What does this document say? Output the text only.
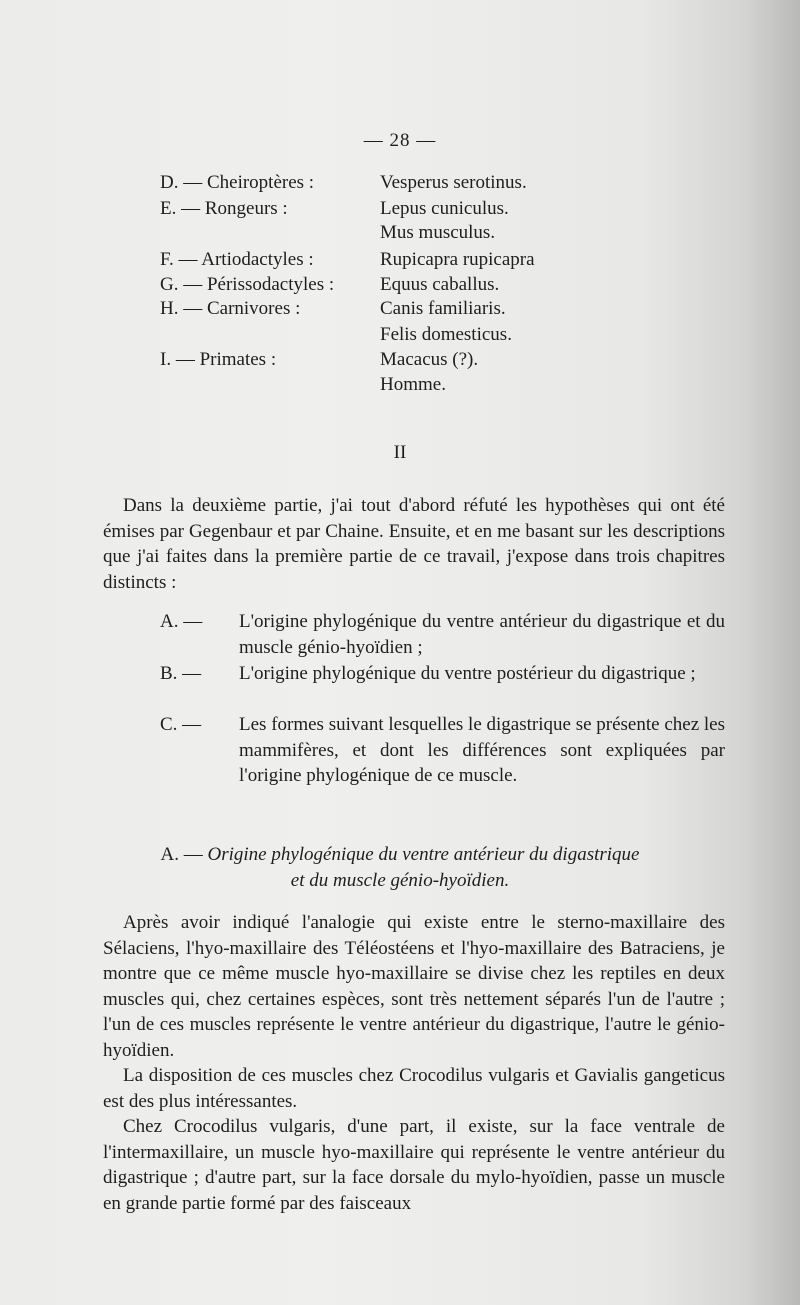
— 28 —
D. — Cheiroptères :	Vesperus serotinus.
E. — Rongeurs :	Lepus cuniculus.
Mus musculus.
F. — Artiodactyles :	Rupicapra rupicapra
G. — Périssodactyles : Equus caballus.
H. — Carnivores :	Canis familiaris.
Felis domesticus.
I. — Primates :	Macacus (?).
Homme.
II

Dans la deuxième partie, j'ai tout d'abord réfuté les hypothèses qui ont été émises par Gegenbaur et par Chaine. Ensuite, et en me basant sur les descriptions que j'ai faites dans la première partie de ce travail, j'expose dans trois chapitres distincts :

A. — L'origine phylogénique du ventre antérieur du digastrique et du muscle génio-hyoïdien ;
B. — L'origine phylogénique du ventre postérieur du digastrique ;
C. — Les formes suivant lesquelles le digastrique se présente chez les mammifères, et dont les différences sont expliquées par l'origine phylogénique de ce muscle.
A. — Origine phylogénique du ventre antérieur du digastrique
et du muscle génio-hyoïdien.

Après avoir indiqué l'analogie qui existe entre le sterno-maxillaire des Sélaciens, l'hyo-maxillaire des Téléostéens et l'hyo-maxillaire des Batraciens, je montre que ce même muscle hyo-maxillaire se divise chez les reptiles en deux muscles qui, chez certaines espèces, sont très nettement séparés l'un de l'autre ; l'un de ces muscles représente le ventre antérieur du digastrique, l'autre le génio-hyoïdien.

La disposition de ces muscles chez Crocodilus vulgaris et Gavialis gangeticus est des plus intéressantes.

Chez Crocodilus vulgaris, d'une part, il existe, sur la face ventrale de l'intermaxillaire, un muscle hyo-maxillaire qui représente le ventre antérieur du digastrique ; d'autre part, sur la face dorsale du mylo-hyoïdien, passe un muscle en grande partie formé par des faisceaux
